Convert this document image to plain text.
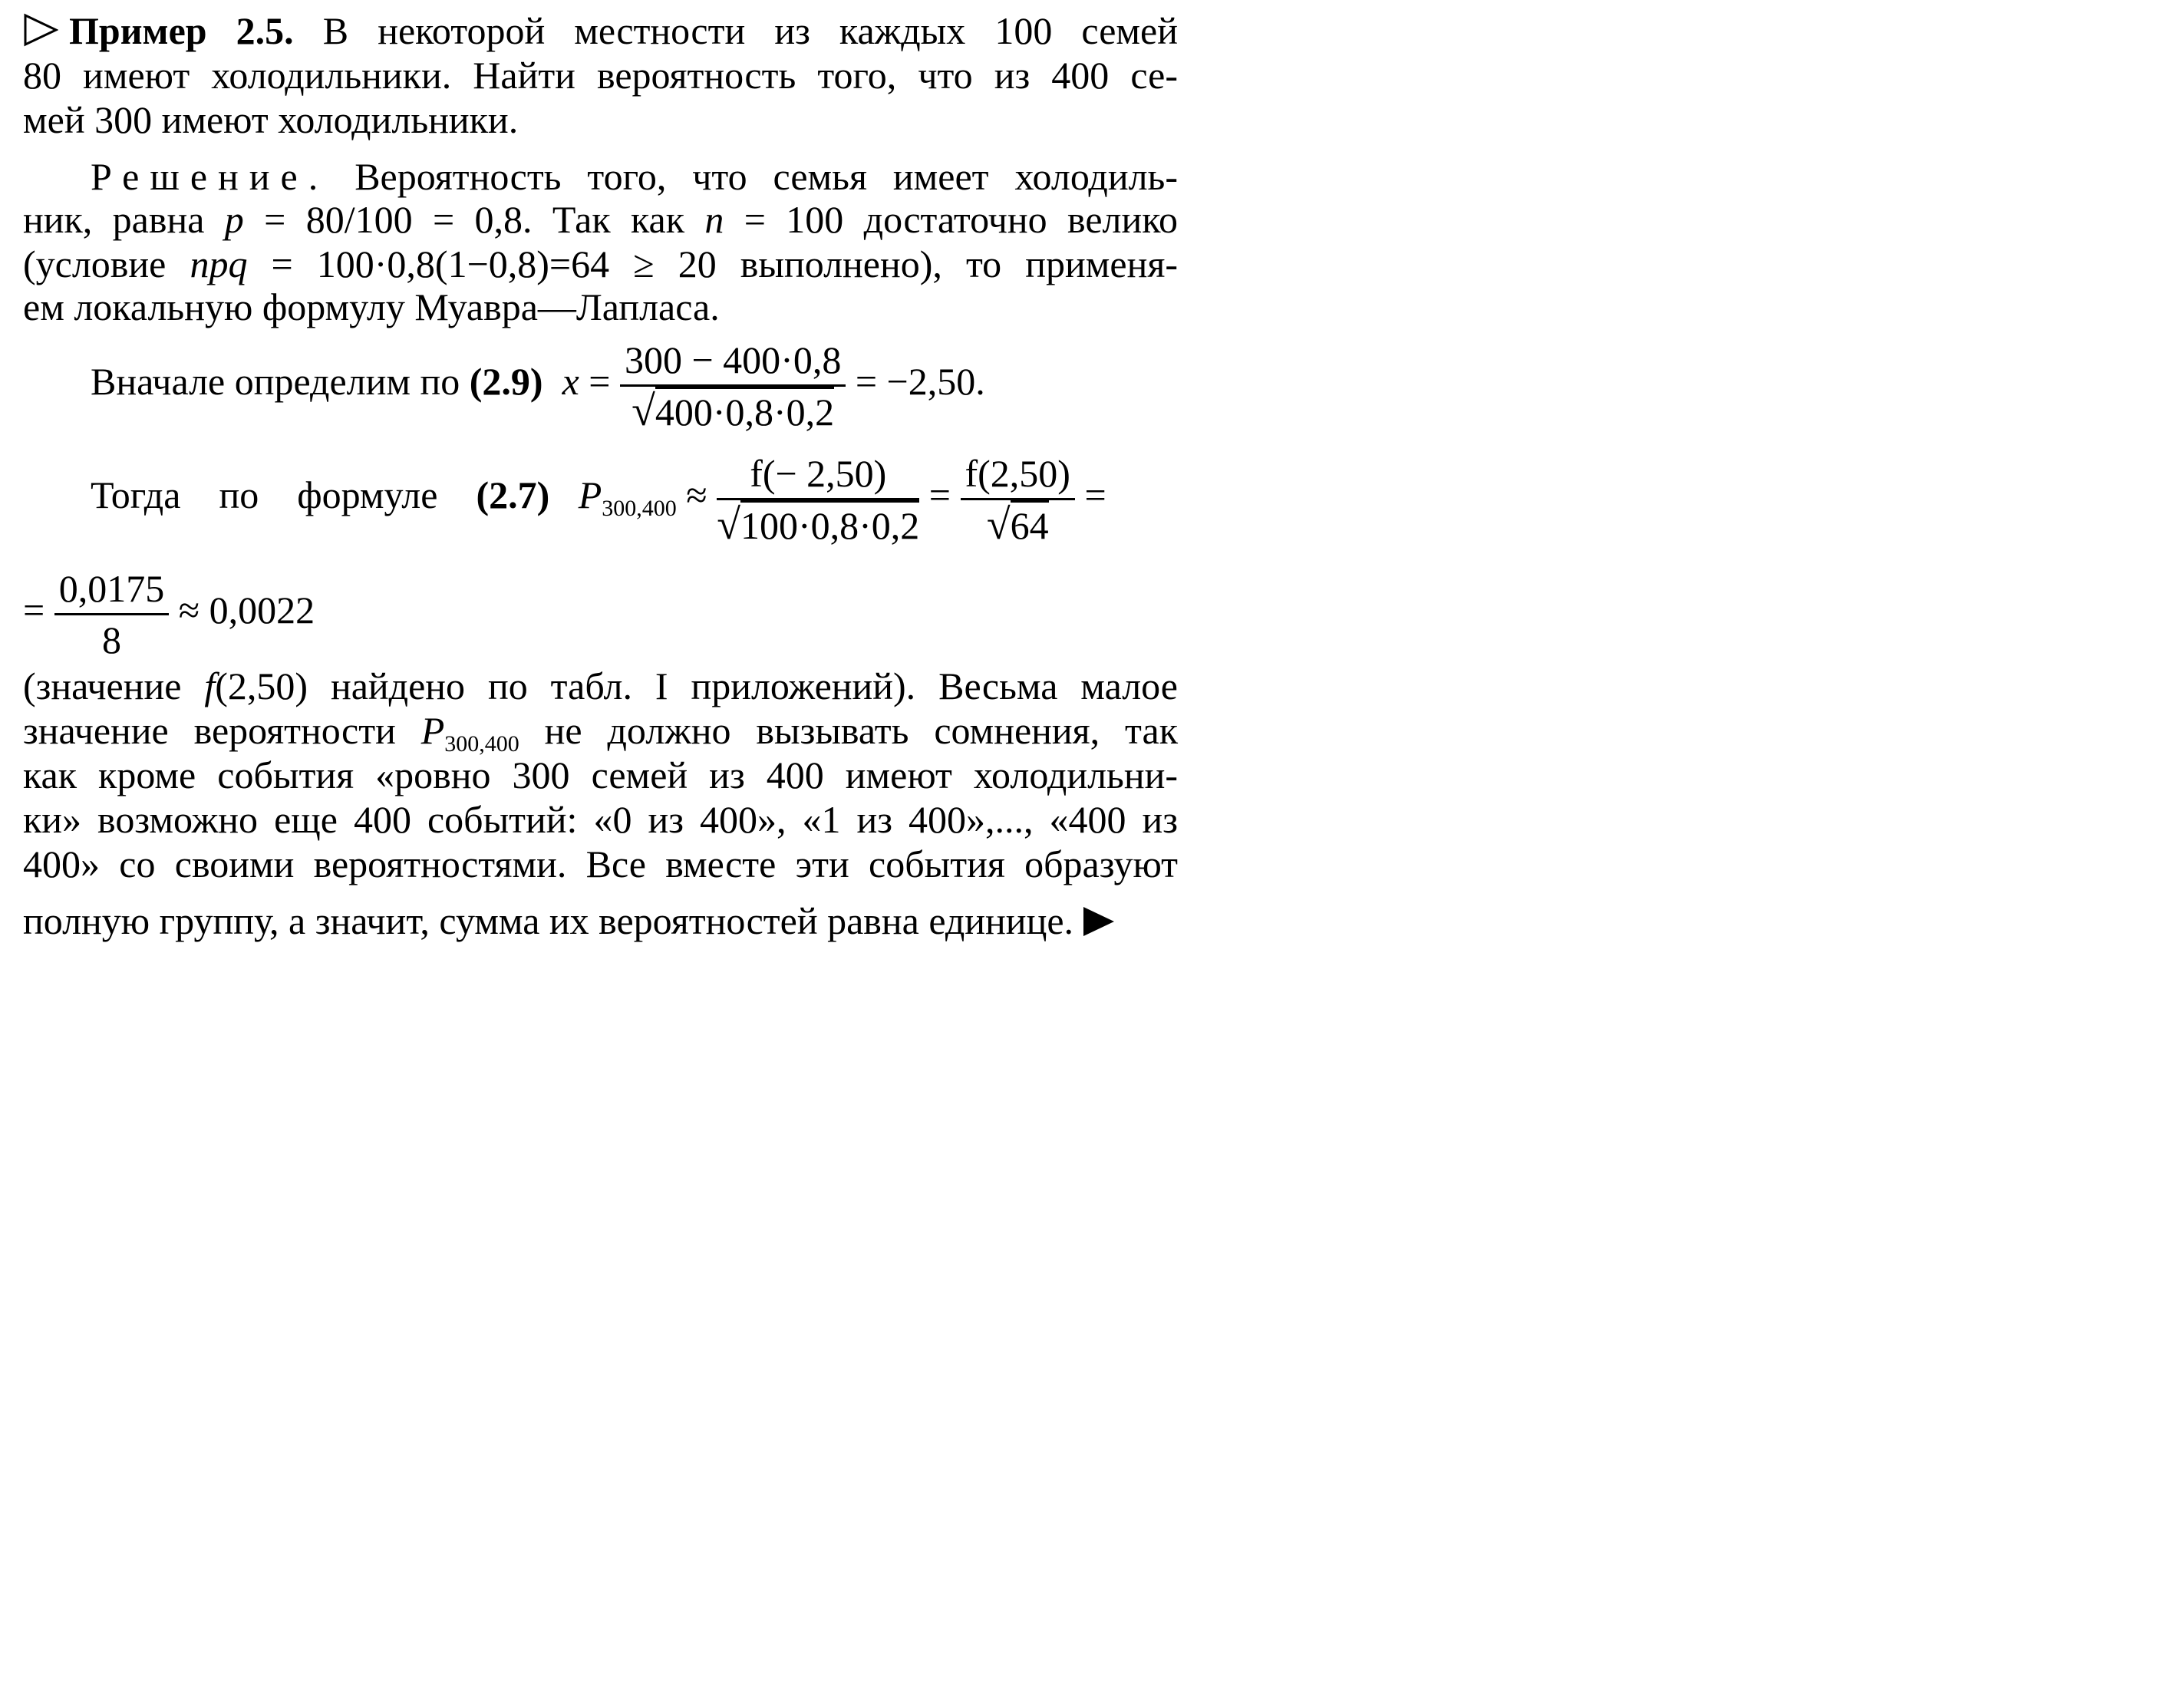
Пример 2.5. В некоторой местности из каждых 100 семей
80 имеют холодильники. Найти вероятность того, что из 400 се-
мей 300 имеют холодильники.
Решение. Вероятность того, что семья имеет холодиль-
ник, равна p = 80/100 = 0,8. Так как n = 100 достаточно велико
(условие npq = 100·0,8(1−0,8)=64 ≥ 20 выполнено), то применя-
ем локальную формулу Муавра—Лапласа.
Вначале определим по (2.9) $x = \frac{300 - 400\cdot 0,8}{√400\cdot 0,8\cdot 0,2} = -2,50$.
Тогда по формуле (2.7) $P_{300,400} \approx \frac{f(- 2,50)}{√100\cdot 0,8\cdot 0,2} = \frac{f(2,50)}{√64}$ =
= $\frac{0,0175}{8} \approx 0,0022$
(значение f(2,50) найдено по табл. I приложений). Весьма малое
значение вероятности $P_{300,400}$ не должно вызывать сомнения, так
как кроме события «ровно 300 семей из 400 имеют холодильни-
ки» возможно еще 400 событий: «0 из 400», «1 из 400»,..., «400 из
400» со своими вероятностями. Все вместе эти события образуют
полную группу, а значит, сумма их вероятностей равна единице.
